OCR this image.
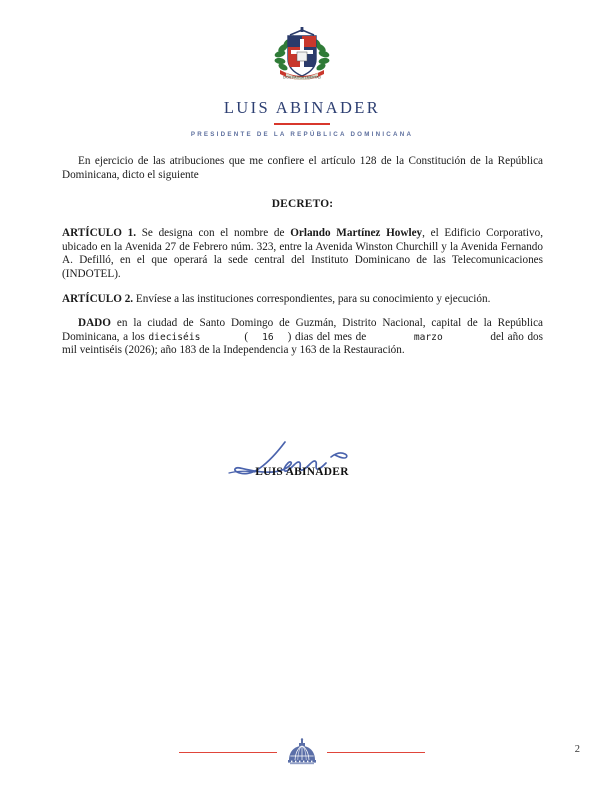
DIOS PATRIA LIBERTAD
LUIS ABINADER
PRESIDENTE DE LA REPÚBLICA DOMINICANA

En ejercicio de las atribuciones que me confiere el artículo 128 de la Constitución de la República Dominicana, dicto el siguiente

DECRETO:

ARTÍCULO 1. Se designa con el nombre de Orlando Martínez Howley, el Edificio Corporativo, ubicado en la Avenida 27 de Febrero núm. 323, entre la Avenida Winston Churchill y la Avenida Fernando A. Defilló, en el que operará la sede central del Instituto Dominicano de las Telecomunicaciones (INDOTEL).

ARTÍCULO 2. Envíese a las instituciones correspondientes, para su conocimiento y ejecución.

DADO en la ciudad de Santo Domingo de Guzmán, Distrito Nacional, capital de la República Dominicana, a los dieciséis	( 16 ) dias del mes de	marzo	del año dos mil veintiséis (2026); año 183 de la Independencia y 163 de la Restauración.

LUIS ABINADER
2
